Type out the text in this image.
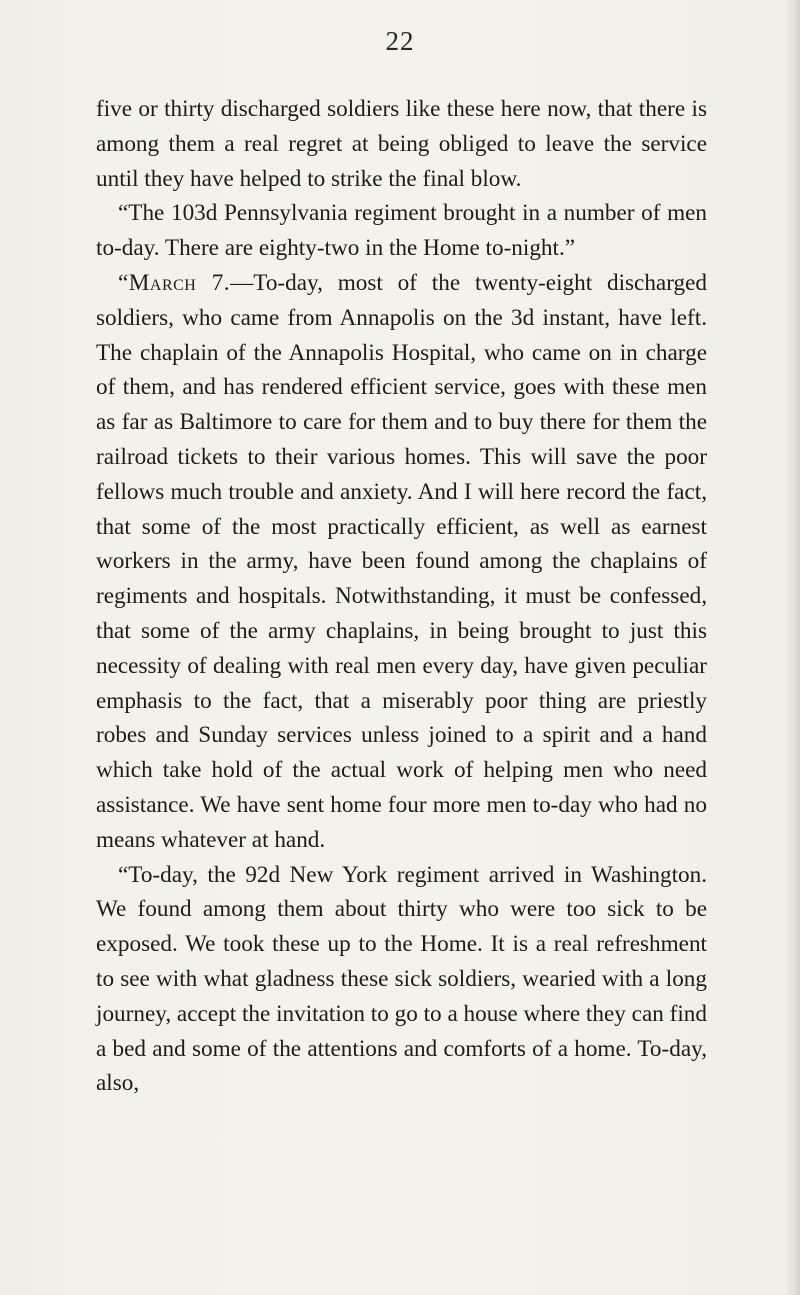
22

five or thirty discharged soldiers like these here now, that there is among them a real regret at being obliged to leave the service until they have helped to strike the final blow.

“The 103d Pennsylvania regiment brought in a number of men to-day. There are eighty-two in the Home to-night.”

“March 7.—To-day, most of the twenty-eight discharged soldiers, who came from Annapolis on the 3d instant, have left. The chaplain of the Annapolis Hospital, who came on in charge of them, and has rendered efficient service, goes with these men as far as Baltimore to care for them and to buy there for them the railroad tickets to their various homes. This will save the poor fellows much trouble and anxiety. And I will here record the fact, that some of the most practically efficient, as well as earnest workers in the army, have been found among the chaplains of regiments and hospitals. Notwithstanding, it must be confessed, that some of the army chaplains, in being brought to just this necessity of dealing with real men every day, have given peculiar emphasis to the fact, that a miserably poor thing are priestly robes and Sunday services unless joined to a spirit and a hand which take hold of the actual work of helping men who need assistance. We have sent home four more men to-day who had no means whatever at hand.

“To-day, the 92d New York regiment arrived in Washington. We found among them about thirty who were too sick to be exposed. We took these up to the Home. It is a real refreshment to see with what gladness these sick soldiers, wearied with a long journey, accept the invitation to go to a house where they can find a bed and some of the attentions and comforts of a home. To-day, also,
